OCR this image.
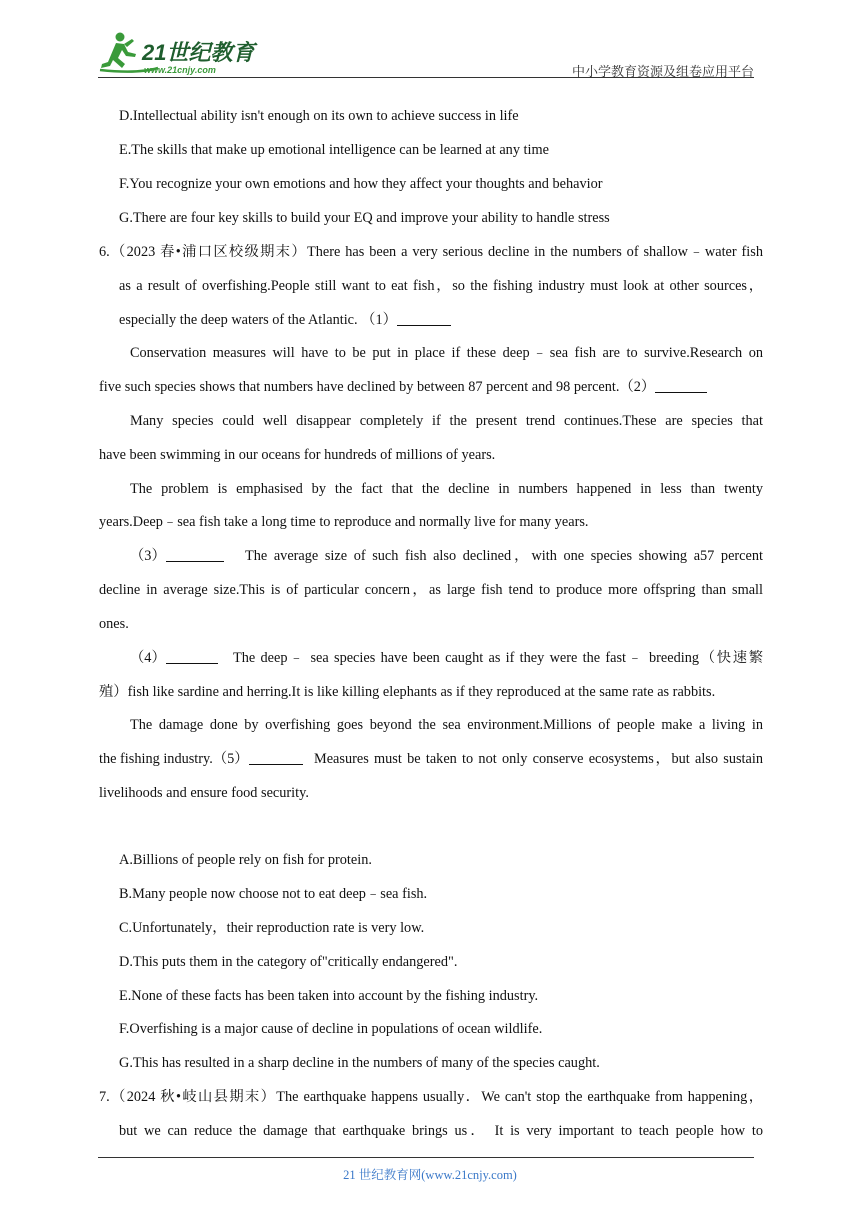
21世纪教育
www.21cnjy.com	中小学教育资源及组卷应用平台
D.Intellectual ability isn't enough on its own to achieve success in life
E.The skills that make up emotional intelligence can be learned at any time
F.You recognize your own emotions and how they affect your thoughts and behavior
G.There are four key skills to build your EQ and improve your ability to handle stress
6.（2023 春•浦口区校级期末）There has been a very serious decline in the numbers of shallow﹣water fish
as a result of overfishing.People still want to eat fish，so the fishing industry must look at other sources，
especially the deep waters of the Atlantic. （1）
Conservation measures will have to be put in place if these deep﹣sea fish are to survive.Research on
five such species shows that numbers have declined by between 87 percent and 98 percent.（2）
Many species could well disappear completely if the present trend continues.These are species that
have been swimming in our oceans for hundreds of millions of years.
The problem is emphasised by the fact that the decline in numbers happened in less than twenty
years.Deep﹣sea fish take a long time to reproduce and normally live for many years.
（3）	The average size of such fish also declined，with one species showing a57 percent
decline in average size.This is of particular concern，as large fish tend to produce more offspring than small
ones.
（4）	The deep﹣ sea species have been caught as if they were the fast﹣ breeding（快速繁
殖）fish like sardine and herring.It is like killing elephants as if they reproduced at the same rate as rabbits.
The damage done by overfishing goes beyond the sea environment.Millions of people make a living in
the fishing industry.（5）	Measures must be taken to not only conserve ecosystems，but also sustain
livelihoods and ensure food security.
A.Billions of people rely on fish for protein.
B.Many people now choose not to eat deep﹣sea fish.
C.Unfortunately，their reproduction rate is very low.
D.This puts them in the category of"critically endangered".
E.None of these facts has been taken into account by the fishing industry.
F.Overfishing is a major cause of decline in populations of ocean wildlife.
G.This has resulted in a sharp decline in the numbers of many of the species caught.
7.（2024 秋•岐山县期末）The earthquake happens usually．We can't stop the earthquake from happening，
but we can reduce the damage that earthquake brings us． It is very important to teach people how to
21 世纪教育网(www.21cnjy.com)
